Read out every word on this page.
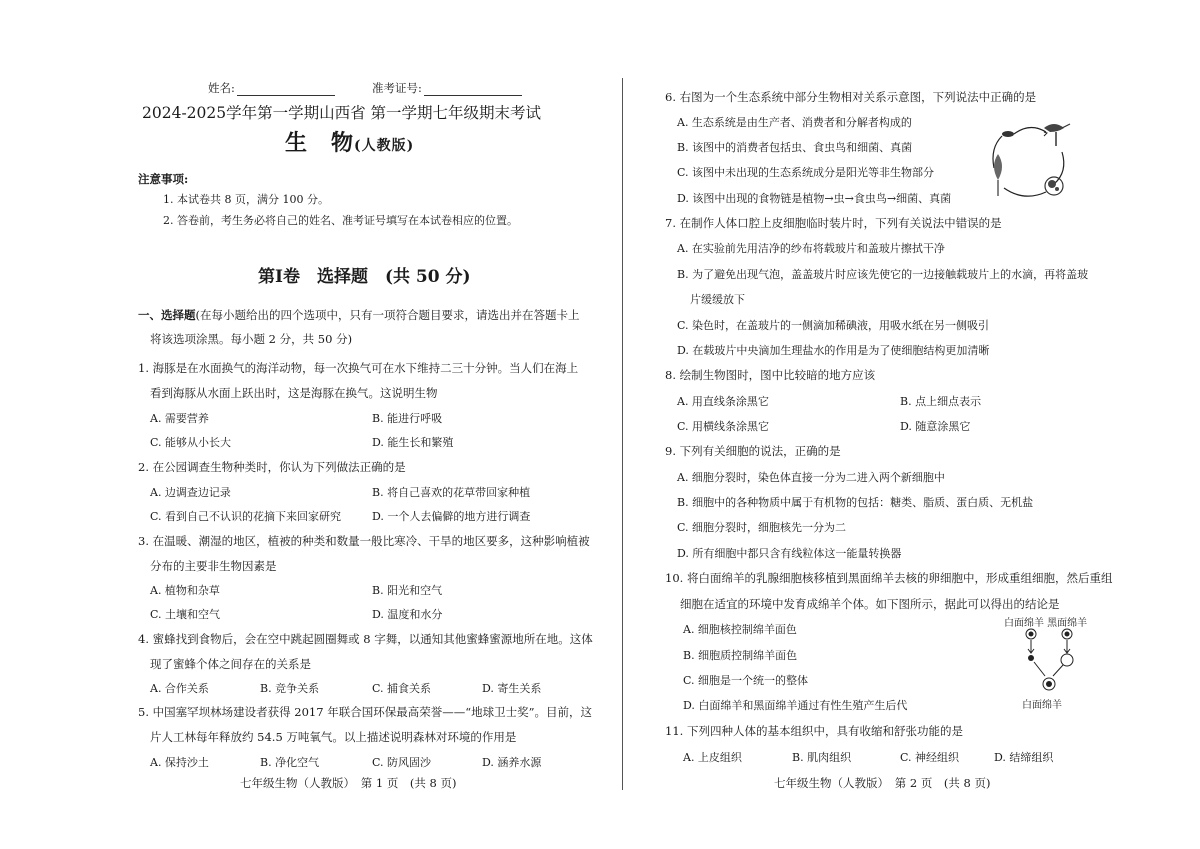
姓名:	准考证号:
2024-2025学年第一学期山西省 第一学期七年级期末考试
生　物(人教版)
注意事项:
1. 本试卷共 8 页，满分 100 分。
2. 答卷前，考生务必将自己的姓名、准考证号填写在本试卷相应的位置。
第Ⅰ卷　选择题　(共 50 分)
一、选择题(在每小题给出的四个选项中，只有一项符合题目要求，请选出并在答题卡上
将该选项涂黑。每小题 2 分，共 50 分)
1. 海豚是在水面换气的海洋动物，每一次换气可在水下维持二三十分钟。当人们在海上
看到海豚从水面上跃出时，这是海豚在换气。这说明生物
A. 需要营养	B. 能进行呼吸
C. 能够从小长大	D. 能生长和繁殖
2. 在公园调查生物种类时，你认为下列做法正确的是
A. 边调查边记录	B. 将自己喜欢的花草带回家种植
C. 看到自己不认识的花摘下来回家研究	D. 一个人去偏僻的地方进行调查
3. 在温暖、潮湿的地区，植被的种类和数量一般比寒冷、干旱的地区要多，这种影响植被
分布的主要非生物因素是
A. 植物和杂草	B. 阳光和空气
C. 土壤和空气	D. 温度和水分
4. 蜜蜂找到食物后，会在空中跳起圆圈舞或 8 字舞，以通知其他蜜蜂蜜源地所在地。这体
现了蜜蜂个体之间存在的关系是
A. 合作关系	B. 竞争关系	C. 捕食关系	D. 寄生关系
5. 中国塞罕坝林场建设者获得 2017 年联合国环保最高荣誉——“地球卫士奖”。目前，这
片人工林每年释放约 54.5 万吨氧气。以上描述说明森林对环境的作用是
A. 保持沙土	B. 净化空气	C. 防风固沙	D. 涵养水源
七年级生物（人教版）　第 1 页　(共 8 页)
6. 右图为一个生态系统中部分生物相对关系示意图，下列说法中正确的是
A. 生态系统是由生产者、消费者和分解者构成的
B. 该图中的消费者包括虫、食虫鸟和细菌、真菌
C. 该图中未出现的生态系统成分是阳光等非生物部分
D. 该图中出现的食物链是植物→虫→食虫鸟→细菌、真菌
7. 在制作人体口腔上皮细胞临时装片时，下列有关说法中错误的是
A. 在实验前先用洁净的纱布将载玻片和盖玻片擦拭干净
B. 为了避免出现气泡，盖盖玻片时应该先使它的一边接触载玻片上的水滴，再将盖玻
片缓缓放下
C. 染色时，在盖玻片的一侧滴加稀碘液，用吸水纸在另一侧吸引
D. 在载玻片中央滴加生理盐水的作用是为了使细胞结构更加清晰
8. 绘制生物图时，图中比较暗的地方应该
A. 用直线条涂黑它	B. 点上细点表示
C. 用横线条涂黑它	D. 随意涂黑它
9. 下列有关细胞的说法，正确的是
A. 细胞分裂时，染色体直接一分为二进入两个新细胞中
B. 细胞中的各种物质中属于有机物的包括：糖类、脂质、蛋白质、无机盐
C. 细胞分裂时，细胞核先一分为二
D. 所有细胞中都只含有线粒体这一能量转换器
10. 将白面绵羊的乳腺细胞核移植到黑面绵羊去核的卵细胞中，形成重组细胞，然后重组
细胞在适宜的环境中发育成绵羊个体。如下图所示，据此可以得出的结论是
A. 细胞核控制绵羊面色
B. 细胞质控制绵羊面色
C. 细胞是一个统一的整体
D. 白面绵羊和黑面绵羊通过有性生殖产生后代
白面绵羊 黑面绵羊
白面绵羊
11. 下列四种人体的基本组织中，具有收缩和舒张功能的是
A. 上皮组织	B. 肌肉组织	C. 神经组织	D. 结缔组织
七年级生物（人教版）　第 2 页　(共 8 页)
